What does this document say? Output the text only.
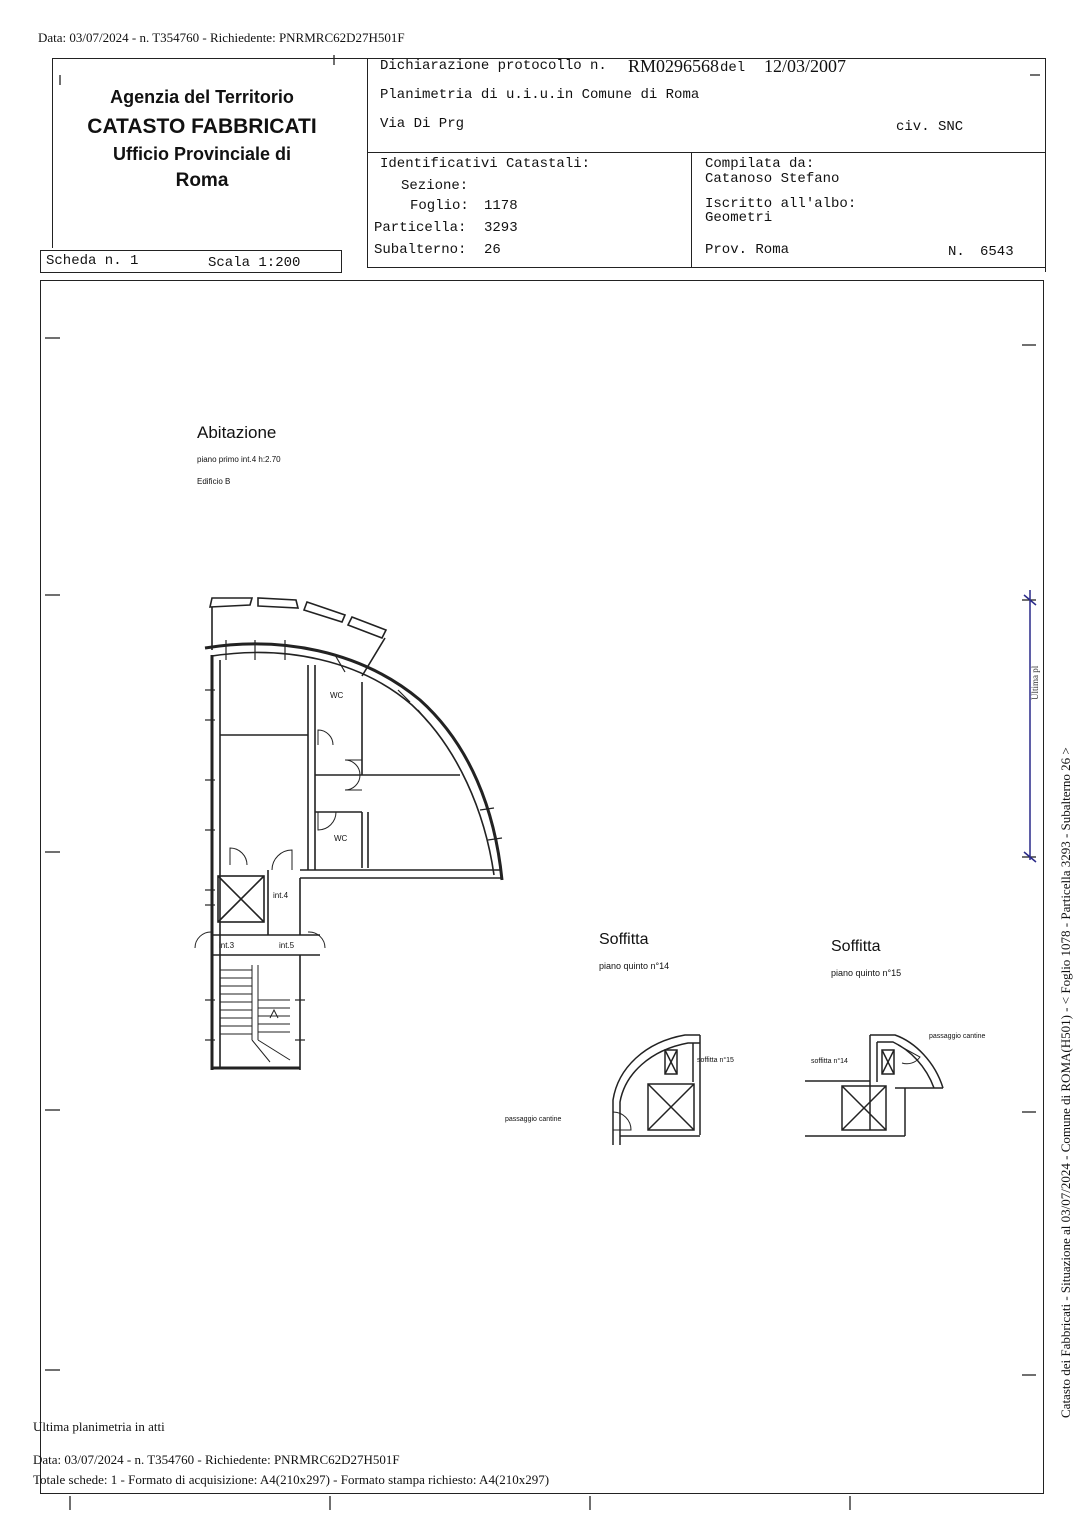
Data: 03/07/2024 - n. T354760 - Richiedente: PNRMRC62D27H501F
Agenzia del Territorio
CATASTO FABBRICATI
Ufficio Provinciale di
Roma
Dichiarazione protocollo n. RM0296568 del 12/03/2007
Planimetria di u.i.u.in Comune di Roma
Via Di Prg	civ. SNC
Identificativi Catastali:
Sezione:
Foglio: 1178
Particella: 3293
Subalterno: 26
Compilata da:
Catanoso Stefano
Iscritto all'albo:
Geometri
Prov. Roma	N. 6543
Scheda n. 1	Scala 1:200
Abitazione
piano primo int.4 h:2.70
Edificio B
WC
WC
int.4
int.3	int.5	Soffitta
piano quinto n°14
soffitta n°15
passaggio cantine
Soffitta
piano quinto n°15
soffitta n°14
passaggio cantine
Ultima planimetria in atti
Data: 03/07/2024 - n. T354760 - Richiedente: PNRMRC62D27H501F
Totale schede: 1 - Formato di acquisizione: A4(210x297) - Formato stampa richiesto: A4(210x297)
Catasto dei Fabbricati - Situazione al 03/07/2024 - Comune di ROMA(H501) - < Foglio 1078 - Particella 3293 - Subalterno 26 >
Ultima pl
